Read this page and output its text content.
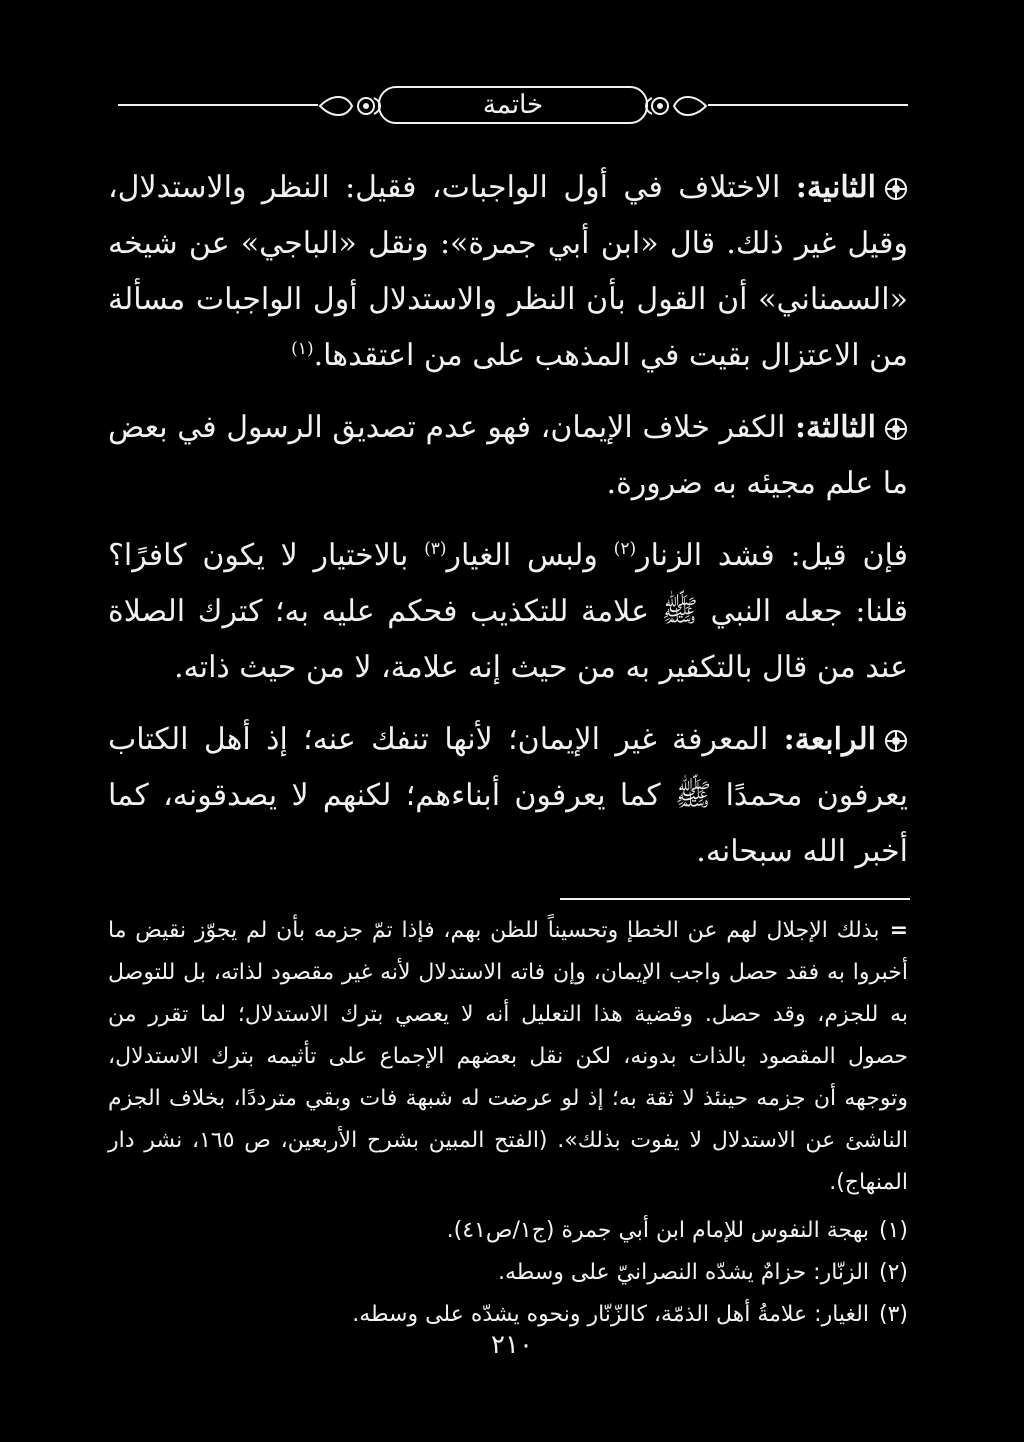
خاتمة

الثانية: الاختلاف في أول الواجبات، فقيل: النظر والاستدلال، وقيل غير ذلك. قال «ابن أبي جمرة»: ونقل «الباجي» عن شيخه «السمناني» أن القول بأن النظر والاستدلال أول الواجبات مسألة من الاعتزال بقيت في المذهب على من اعتقدها.$^{(١)}$

الثالثة: الكفر خلاف الإيمان، فهو عدم تصديق الرسول في بعض ما علم مجيئه به ضرورة.

فإن قيل: فشد الزنار$^{(٢)}$ ولبس الغيار$^{(٣)}$ بالاختيار لا يكون كافرًا؟ قلنا: جعله النبي ﷺ علامة للتكذيب فحكم عليه به؛ كترك الصلاة عند من قال بالتكفير به من حيث إنه علامة، لا من حيث ذاته.

الرابعة: المعرفة غير الإيمان؛ لأنها تنفك عنه؛ إذ أهل الكتاب يعرفون محمدًا ﷺ كما يعرفون أبناءهم؛ لكنهم لا يصدقونه، كما أخبر الله سبحانه.

=بذلك الإجلال لهم عن الخطإ وتحسيناً للظن بهم، فإذا تمّ جزمه بأن لم يجوّز نقيض ما أخبروا به فقد حصل واجب الإيمان، وإن فاته الاستدلال لأنه غير مقصود لذاته، بل للتوصل به للجزم، وقد حصل. وقضية هذا التعليل أنه لا يعصي بترك الاستدلال؛ لما تقرر من حصول المقصود بالذات بدونه، لكن نقل بعضهم الإجماع على تأثيمه بترك الاستدلال، وتوجهه أن جزمه حينئذ لا ثقة به؛ إذ لو عرضت له شبهة فات وبقي مترددًا، بخلاف الجزم الناشئ عن الاستدلال لا يفوت بذلك». (الفتح المبين بشرح الأربعين، ص ١٦٥، نشر دار المنهاج).

(١)بهجة النفوس للإمام ابن أبي جمرة (ج١/ص٤١).

(٢)الزنّار: حزامٌ يشدّه النصرانيّ على وسطه.

(٣)الغيار: علامةُ أهل الذمّة، كالزّنّار ونحوه يشدّه على وسطه.

٢١٠
